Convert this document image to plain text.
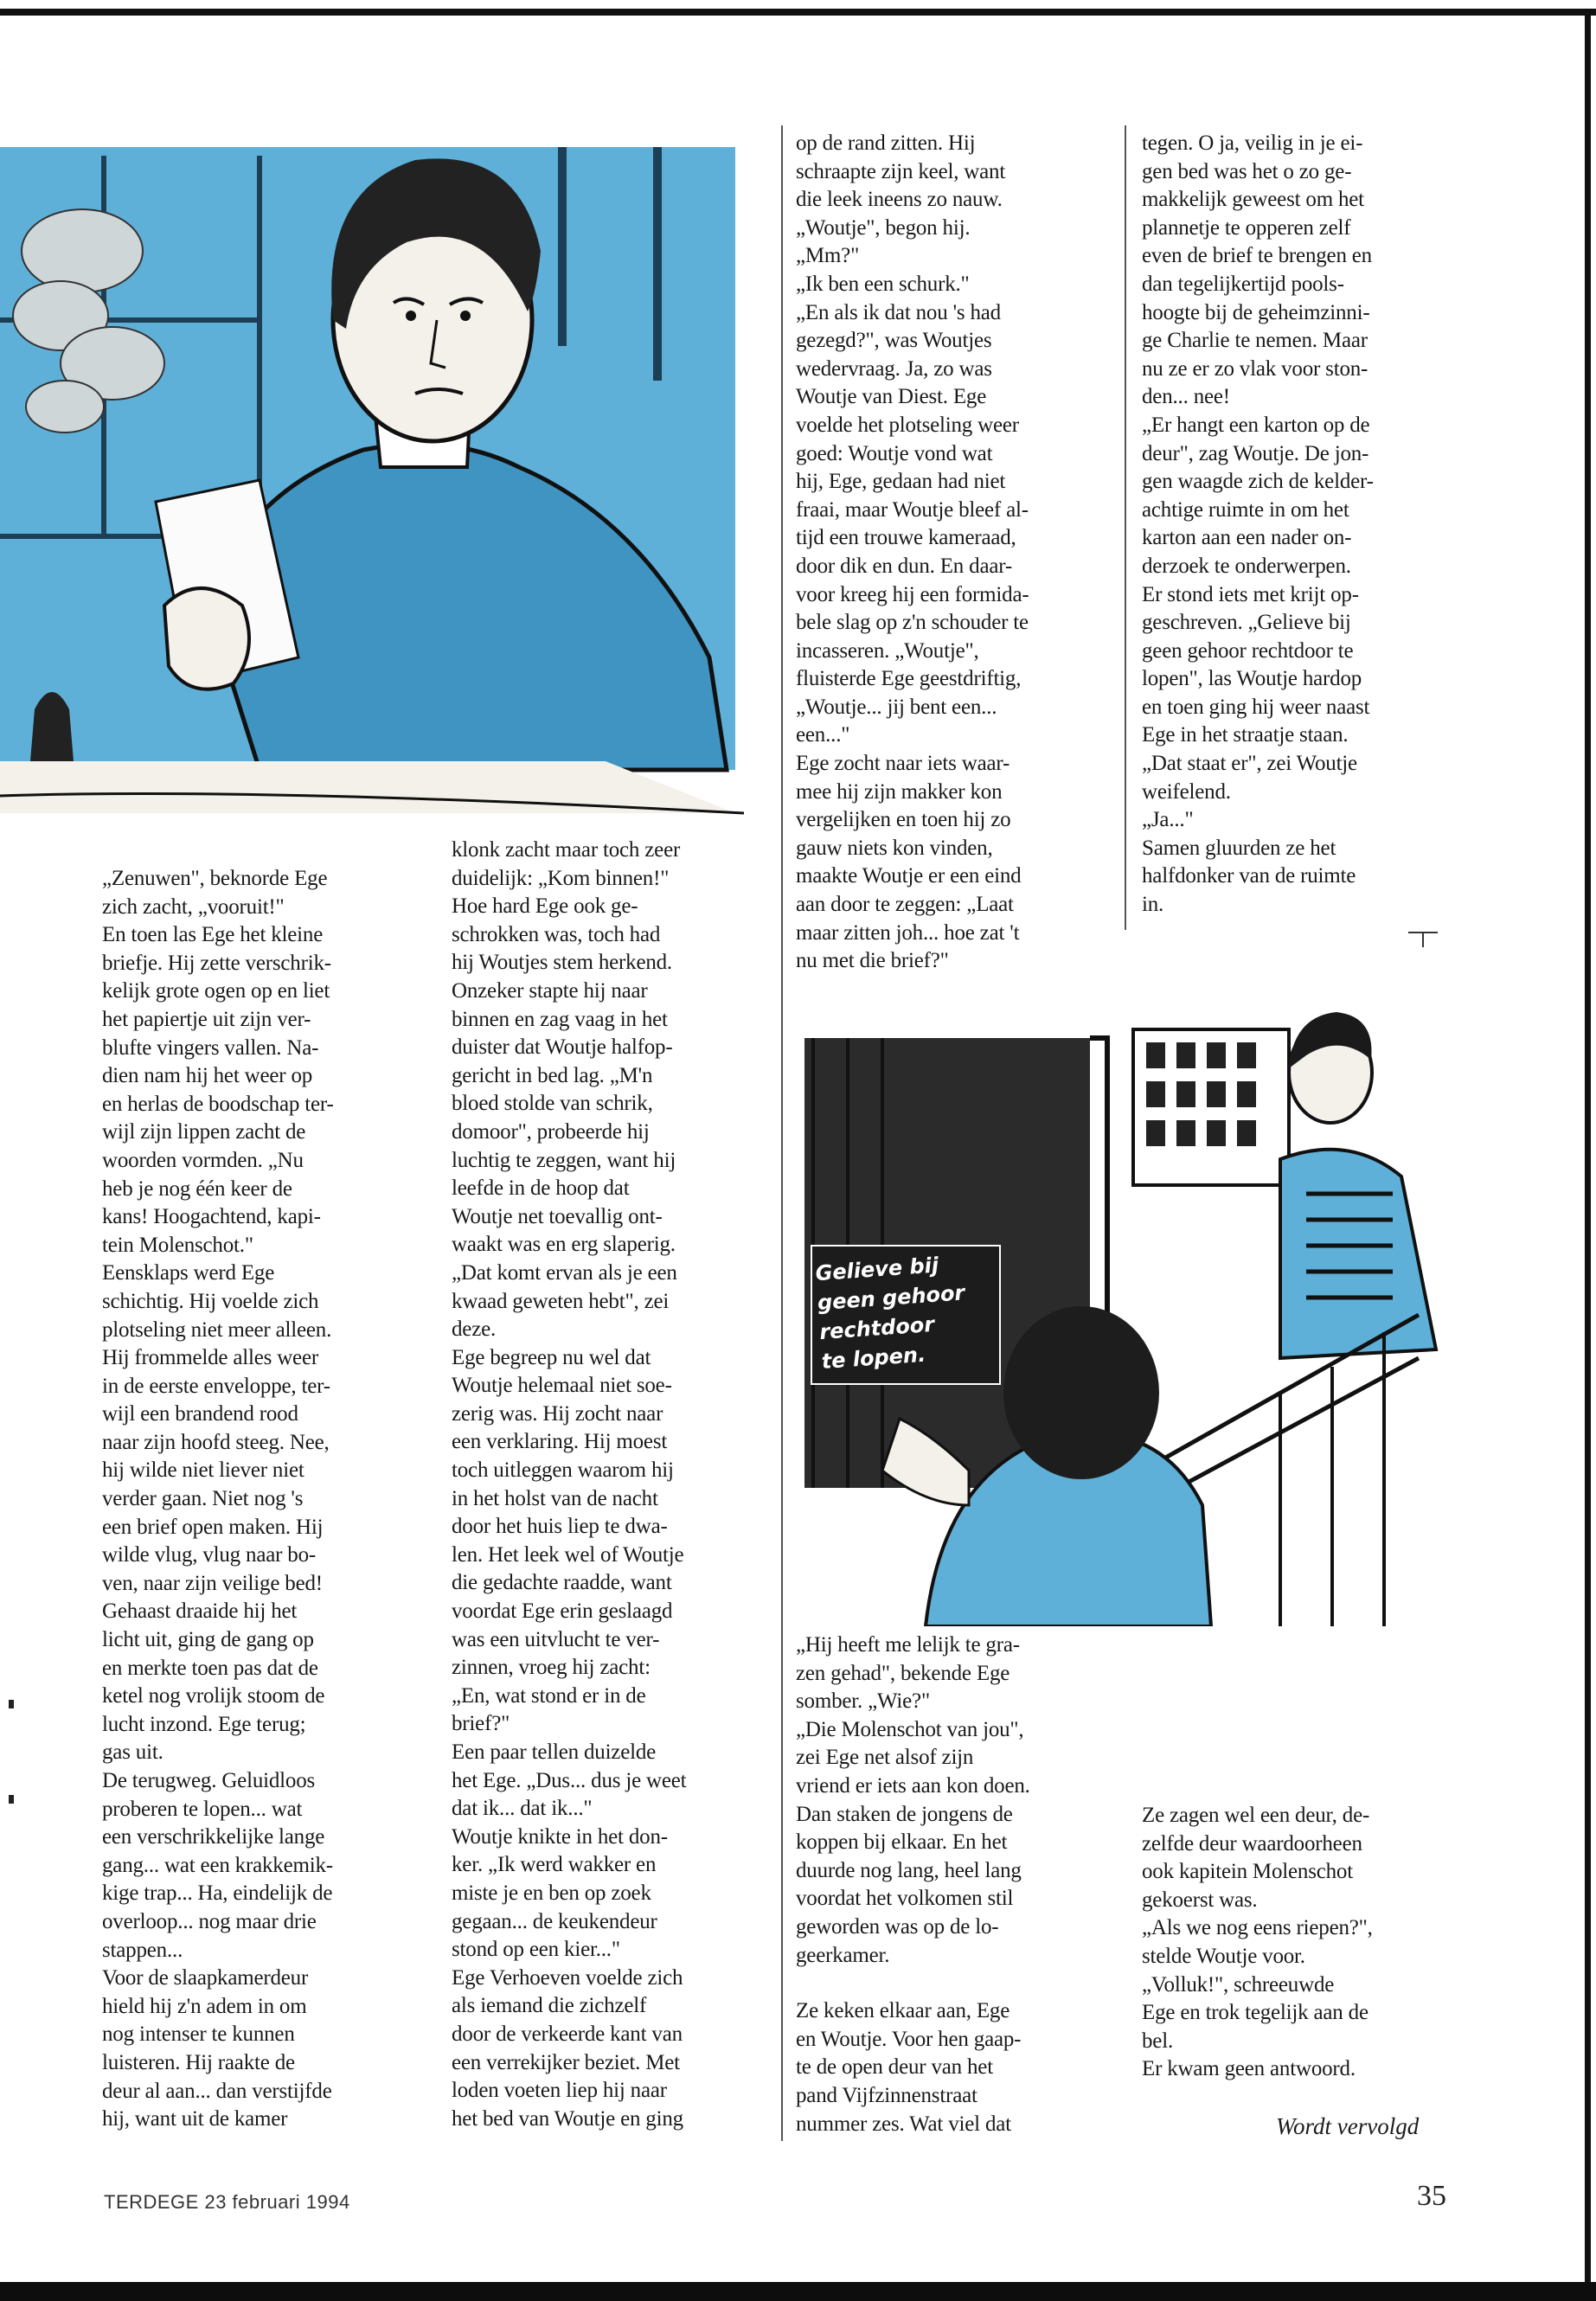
„Zenuwen", beknorde Ege
zich zacht, „vooruit!"
En toen las Ege het kleine
briefje. Hij zette verschrik-
kelijk grote ogen op en liet
het papiertje uit zijn ver-
blufte vingers vallen. Na-
dien nam hij het weer op
en herlas de boodschap ter-
wijl zijn lippen zacht de
woorden vormden. „Nu
heb je nog één keer de
kans! Hoogachtend, kapi-
tein Molenschot."
Eensklaps werd Ege
schichtig. Hij voelde zich
plotseling niet meer alleen.
Hij frommelde alles weer
in de eerste enveloppe, ter-
wijl een brandend rood
naar zijn hoofd steeg. Nee,
hij wilde niet liever niet
verder gaan. Niet nog 's
een brief open maken. Hij
wilde vlug, vlug naar bo-
ven, naar zijn veilige bed!
Gehaast draaide hij het
licht uit, ging de gang op
en merkte toen pas dat de
ketel nog vrolijk stoom de
lucht inzond. Ege terug;
gas uit.
De terugweg. Geluidloos
proberen te lopen... wat
een verschrikkelijke lange
gang... wat een krakkemik-
kige trap... Ha, eindelijk de
overloop... nog maar drie
stappen...
Voor de slaapkamerdeur
hield hij z'n adem in om
nog intenser te kunnen
luisteren. Hij raakte de
deur al aan... dan verstijfde
hij, want uit de kamer

klonk zacht maar toch zeer
duidelijk: „Kom binnen!"
Hoe hard Ege ook ge-
schrokken was, toch had
hij Woutjes stem herkend.
Onzeker stapte hij naar
binnen en zag vaag in het
duister dat Woutje halfop-
gericht in bed lag. „M'n
bloed stolde van schrik,
domoor", probeerde hij
luchtig te zeggen, want hij
leefde in de hoop dat
Woutje net toevallig ont-
waakt was en erg slaperig.
„Dat komt ervan als je een
kwaad geweten hebt", zei
deze.
Ege begreep nu wel dat
Woutje helemaal niet soe-
zerig was. Hij zocht naar
een verklaring. Hij moest
toch uitleggen waarom hij
in het holst van de nacht
door het huis liep te dwa-
len. Het leek wel of Woutje
die gedachte raadde, want
voordat Ege erin geslaagd
was een uitvlucht te ver-
zinnen, vroeg hij zacht:
„En, wat stond er in de
brief?"
Een paar tellen duizelde
het Ege. „Dus... dus je weet
dat ik... dat ik..."
Woutje knikte in het don-
ker. „Ik werd wakker en
miste je en ben op zoek
gegaan... de keukendeur
stond op een kier..."
Ege Verhoeven voelde zich
als iemand die zichzelf
door de verkeerde kant van
een verrekijker beziet. Met
loden voeten liep hij naar
het bed van Woutje en ging

op de rand zitten. Hij
schraapte zijn keel, want
die leek ineens zo nauw.
„Woutje", begon hij.
„Mm?"
„Ik ben een schurk."
„En als ik dat nou 's had
gezegd?", was Woutjes
wedervraag. Ja, zo was
Woutje van Diest. Ege
voelde het plotseling weer
goed: Woutje vond wat
hij, Ege, gedaan had niet
fraai, maar Woutje bleef al-
tijd een trouwe kameraad,
door dik en dun. En daar-
voor kreeg hij een formida-
bele slag op z'n schouder te
incasseren. „Woutje",
fluisterde Ege geestdriftig,
„Woutje... jij bent een...
een..."
Ege zocht naar iets waar-
mee hij zijn makker kon
vergelijken en toen hij zo
gauw niets kon vinden,
maakte Woutje er een eind
aan door te zeggen: „Laat
maar zitten joh... hoe zat 't
nu met die brief?"

tegen. O ja, veilig in je ei-
gen bed was het o zo ge-
makkelijk geweest om het
plannetje te opperen zelf
even de brief te brengen en
dan tegelijkertijd pools-
hoogte bij de geheimzinni-
ge Charlie te nemen. Maar
nu ze er zo vlak voor ston-
den... nee!
„Er hangt een karton op de
deur", zag Woutje. De jon-
gen waagde zich de kelder-
achtige ruimte in om het
karton aan een nader on-
derzoek te onderwerpen.
Er stond iets met krijt op-
geschreven. „Gelieve bij
geen gehoor rechtdoor te
lopen", las Woutje hardop
en toen ging hij weer naast
Ege in het straatje staan.
„Dat staat er", zei Woutje
weifelend.
„Ja..."
Samen gluurden ze het
halfdonker van de ruimte
in.

Gelieve bij
geen gehoor
rechtdoor
te lopen.

„Hij heeft me lelijk te gra-
zen gehad", bekende Ege
somber. „Wie?"
„Die Molenschot van jou",
zei Ege net alsof zijn
vriend er iets aan kon doen.
Dan staken de jongens de
koppen bij elkaar. En het
duurde nog lang, heel lang
voordat het volkomen stil
geworden was op de lo-
geerkamer.

Ze keken elkaar aan, Ege
en Woutje. Voor hen gaap-
te de open deur van het
pand Vijfzinnenstraat
nummer zes. Wat viel dat

Ze zagen wel een deur, de-
zelfde deur waardoorheen
ook kapitein Molenschot
gekoerst was.
„Als we nog eens riepen?",
stelde Woutje voor.
„Volluk!", schreeuwde
Ege en trok tegelijk aan de
bel.
Er kwam geen antwoord.

Wordt vervolgd
TERDEGE 23 februari 1994	35
